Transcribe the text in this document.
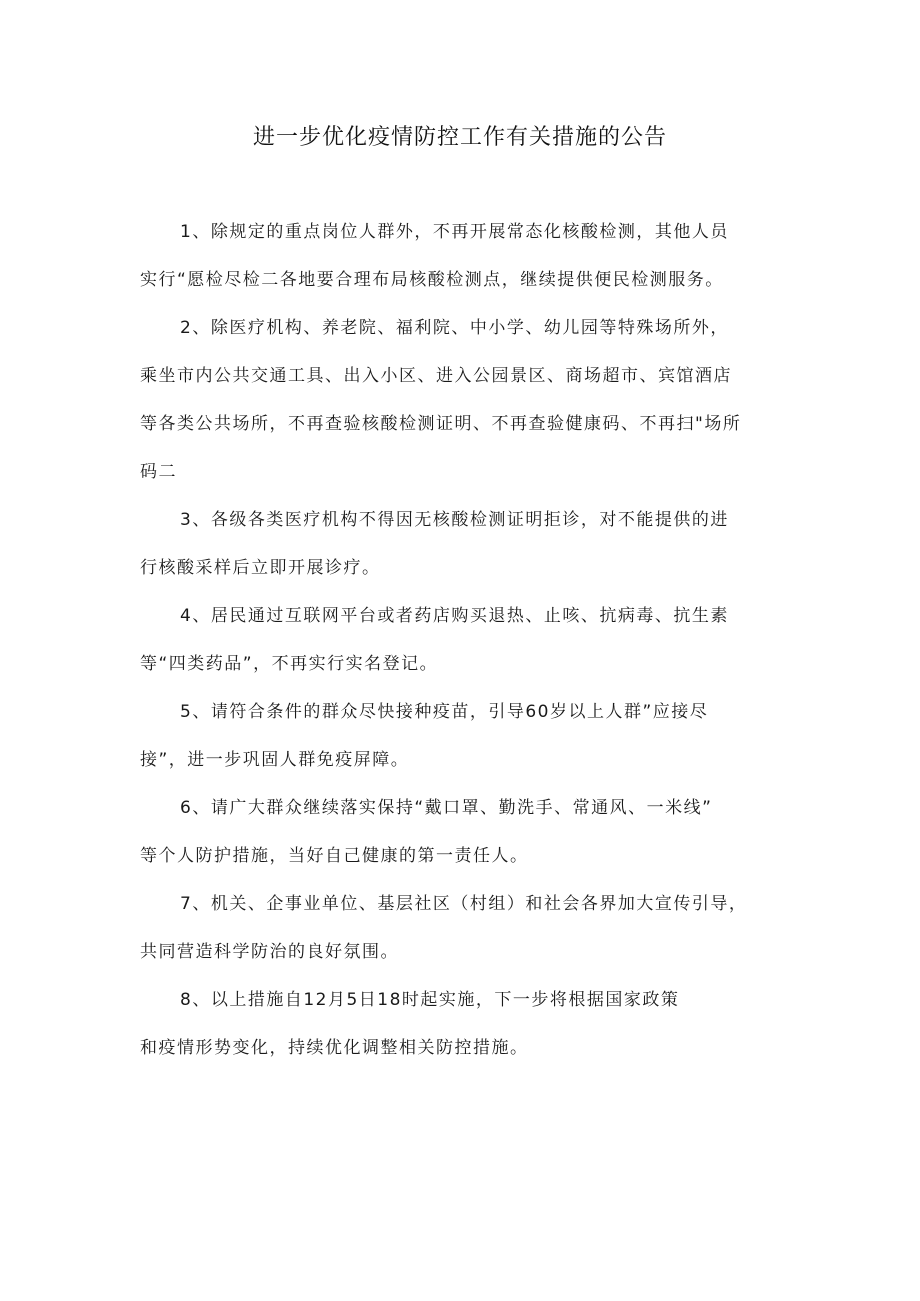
进一步优化疫情防控工作有关措施的公告

1、除规定的重点岗位人群外，不再开展常态化核酸检测，其他人员
实行“愿检尽检二各地要合理布局核酸检测点，继续提供便民检测服务。

2、除医疗机构、养老院、福利院、中小学、幼儿园等特殊场所外，
乘坐市内公共交通工具、出入小区、进入公园景区、商场超市、宾馆酒店
等各类公共场所，不再查验核酸检测证明、不再查验健康码、不再扫"场所
码二

3、各级各类医疗机构不得因无核酸检测证明拒诊，对不能提供的进
行核酸采样后立即开展诊疗。

4、居民通过互联网平台或者药店购买退热、止咳、抗病毒、抗生素
等“四类药品”，不再实行实名登记。

5、请符合条件的群众尽快接种疫苗，引导60岁以上人群”应接尽
接”，进一步巩固人群免疫屏障。

6、请广大群众继续落实保持“戴口罩、勤洗手、常通风、一米线”
等个人防护措施，当好自己健康的第一责任人。

7、机关、企事业单位、基层社区（村组）和社会各界加大宣传引导，
共同营造科学防治的良好氛围。

8、以上措施自12月5日18时起实施，下一步将根据国家政策
和疫情形势变化，持续优化调整相关防控措施。
